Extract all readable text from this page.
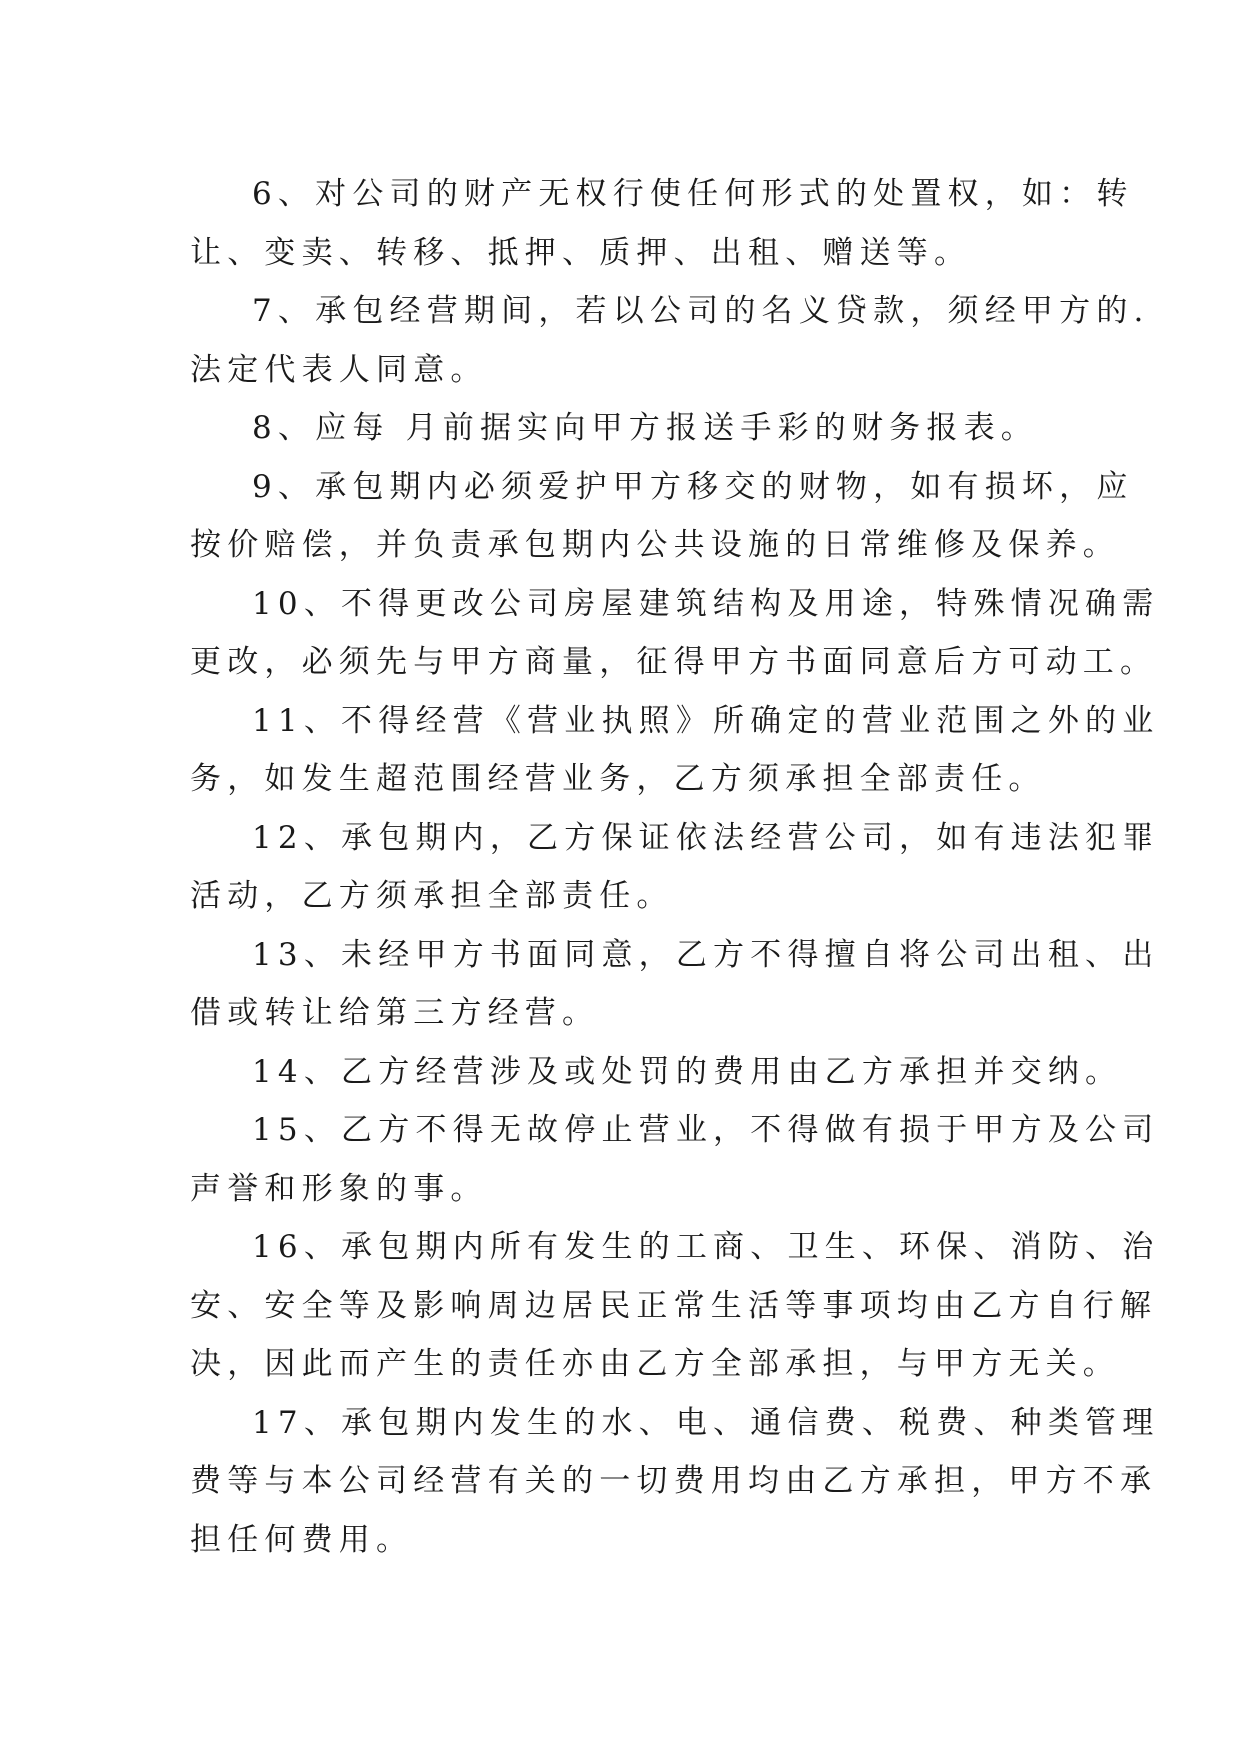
6、对公司的财产无权行使任何形式的处置权，如：转
让、变卖、转移、抵押、质押、出租、赠送等。

7、承包经营期间，若以公司的名义贷款，须经甲方的.
法定代表人同意。

8、应每 月前据实向甲方报送手彩的财务报表。

9、承包期内必须爱护甲方移交的财物，如有损坏，应
按价赔偿，并负责承包期内公共设施的日常维修及保养。

10、不得更改公司房屋建筑结构及用途，特殊情况确需
更改，必须先与甲方商量，征得甲方书面同意后方可动工。

11、不得经营《营业执照》所确定的营业范围之外的业
务，如发生超范围经营业务，乙方须承担全部责任。

12、承包期内，乙方保证依法经营公司，如有违法犯罪
活动，乙方须承担全部责任。

13、未经甲方书面同意，乙方不得擅自将公司出租、出
借或转让给第三方经营。

14、乙方经营涉及或处罚的费用由乙方承担并交纳。

15、乙方不得无故停止营业，不得做有损于甲方及公司
声誉和形象的事。

16、承包期内所有发生的工商、卫生、环保、消防、治
安、安全等及影响周边居民正常生活等事项均由乙方自行解
决，因此而产生的责任亦由乙方全部承担，与甲方无关。

17、承包期内发生的水、电、通信费、税费、种类管理
费等与本公司经营有关的一切费用均由乙方承担，甲方不承
担任何费用。
